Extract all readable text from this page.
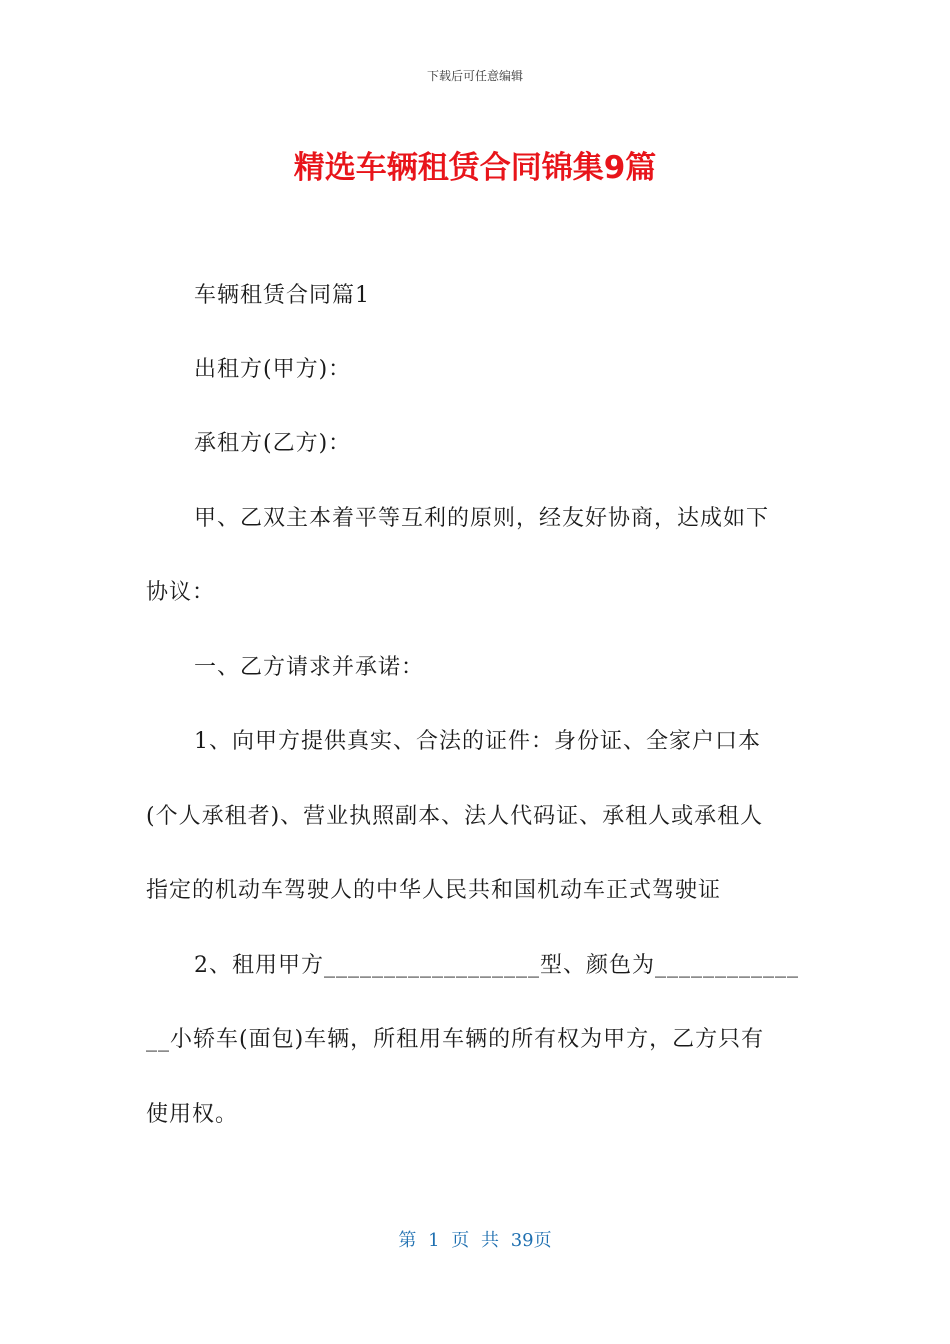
下载后可任意编辑
精选车辆租赁合同锦集9篇
车辆租赁合同篇1
出租方(甲方)：
承租方(乙方)：
甲、乙双主本着平等互利的原则，经友好协商，达成如下
协议：
一、乙方请求并承诺：
1、向甲方提供真实、合法的证件：身份证、全家户口本
(个人承租者)、营业执照副本、法人代码证、承租人或承租人
指定的机动车驾驶人的中华人民共和国机动车正式驾驶证
2、租用甲方__________________型、颜色为____________
__小轿车(面包)车辆，所租用车辆的所有权为甲方，乙方只有
使用权。
第 1 页 共 39页
